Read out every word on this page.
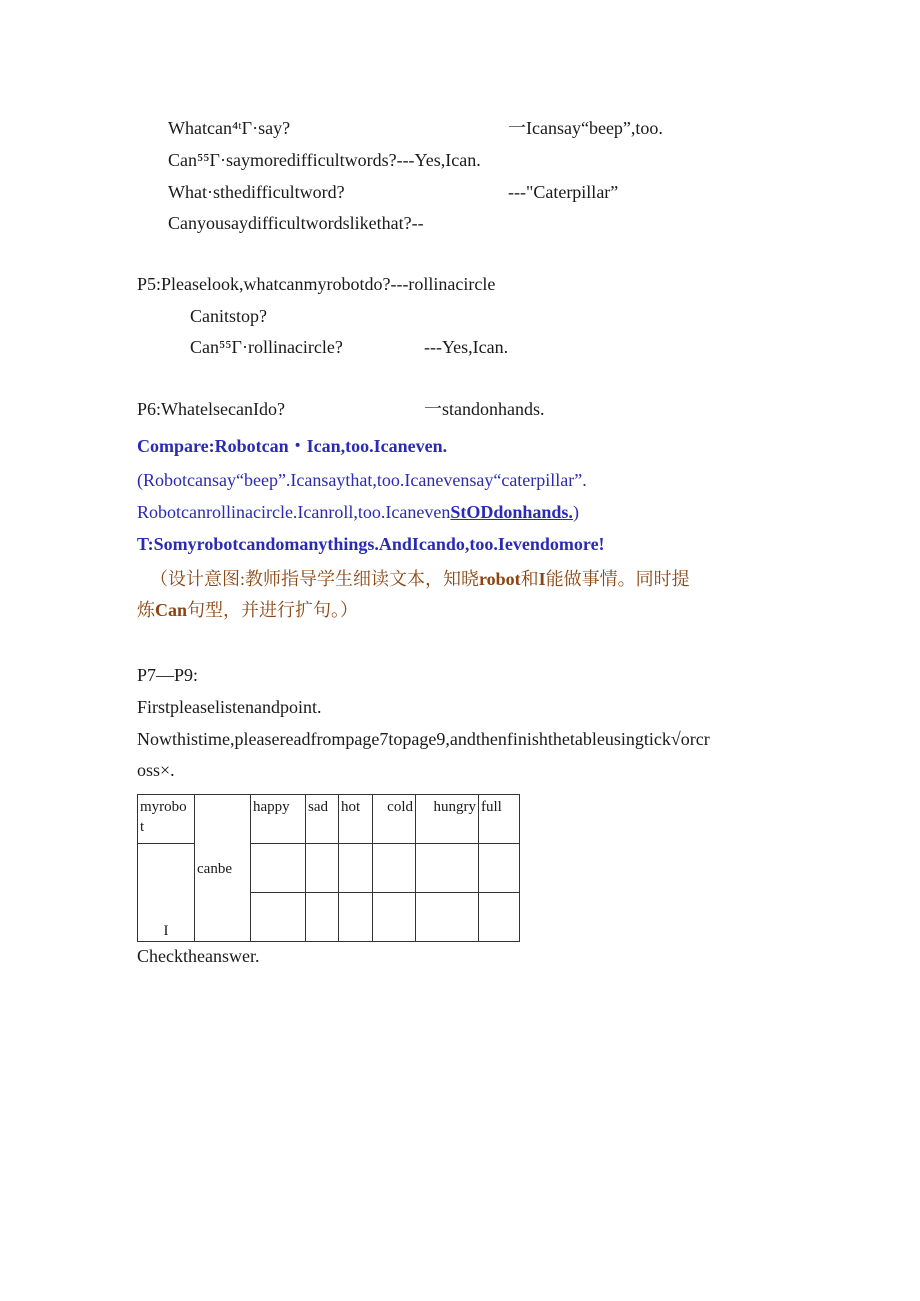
Whatcan⁴ᵗΓ·say?	一Icansay“beep”,too.
Can⁵⁵Γ·saymoredifficultwords?---Yes,Ican.
What·sthedifficultword?	---"Caterpillar”
Canyousaydifficultwordslikethat?--
P5:Pleaselook,whatcanmyrobotdo?---rollinacircle
Canitstop?
Can⁵⁵Γ·rollinacircle?	---Yes,Ican.
P6:WhatelsecanIdo?	一standonhands.
Compare:Robotcan・Ican,too.Icaneven.
(Robotcansay“beep”.Icansaythat,too.Icanevensay“caterpillar”.
Robotcanrollinacircle.Icanroll,too.IcanevenStODdonhands.)
T:Somyrobotcandomanythings.AndIcando,too.Ievendomore!
（设计意图:教师指导学生细读文本，知晓robot和I能做事情。同时提
炼Can句型，并进行扩句。）
P7—P9:
Firstpleaselistenandpoint.
Nowthistime,pleasereadfrompage7topage9,andthenfinishthetableusingtick√orcr
oss×.
myrobo t	canbe	happy	sad	hot	cold	hungry	full

I							

Checktheanswer.
